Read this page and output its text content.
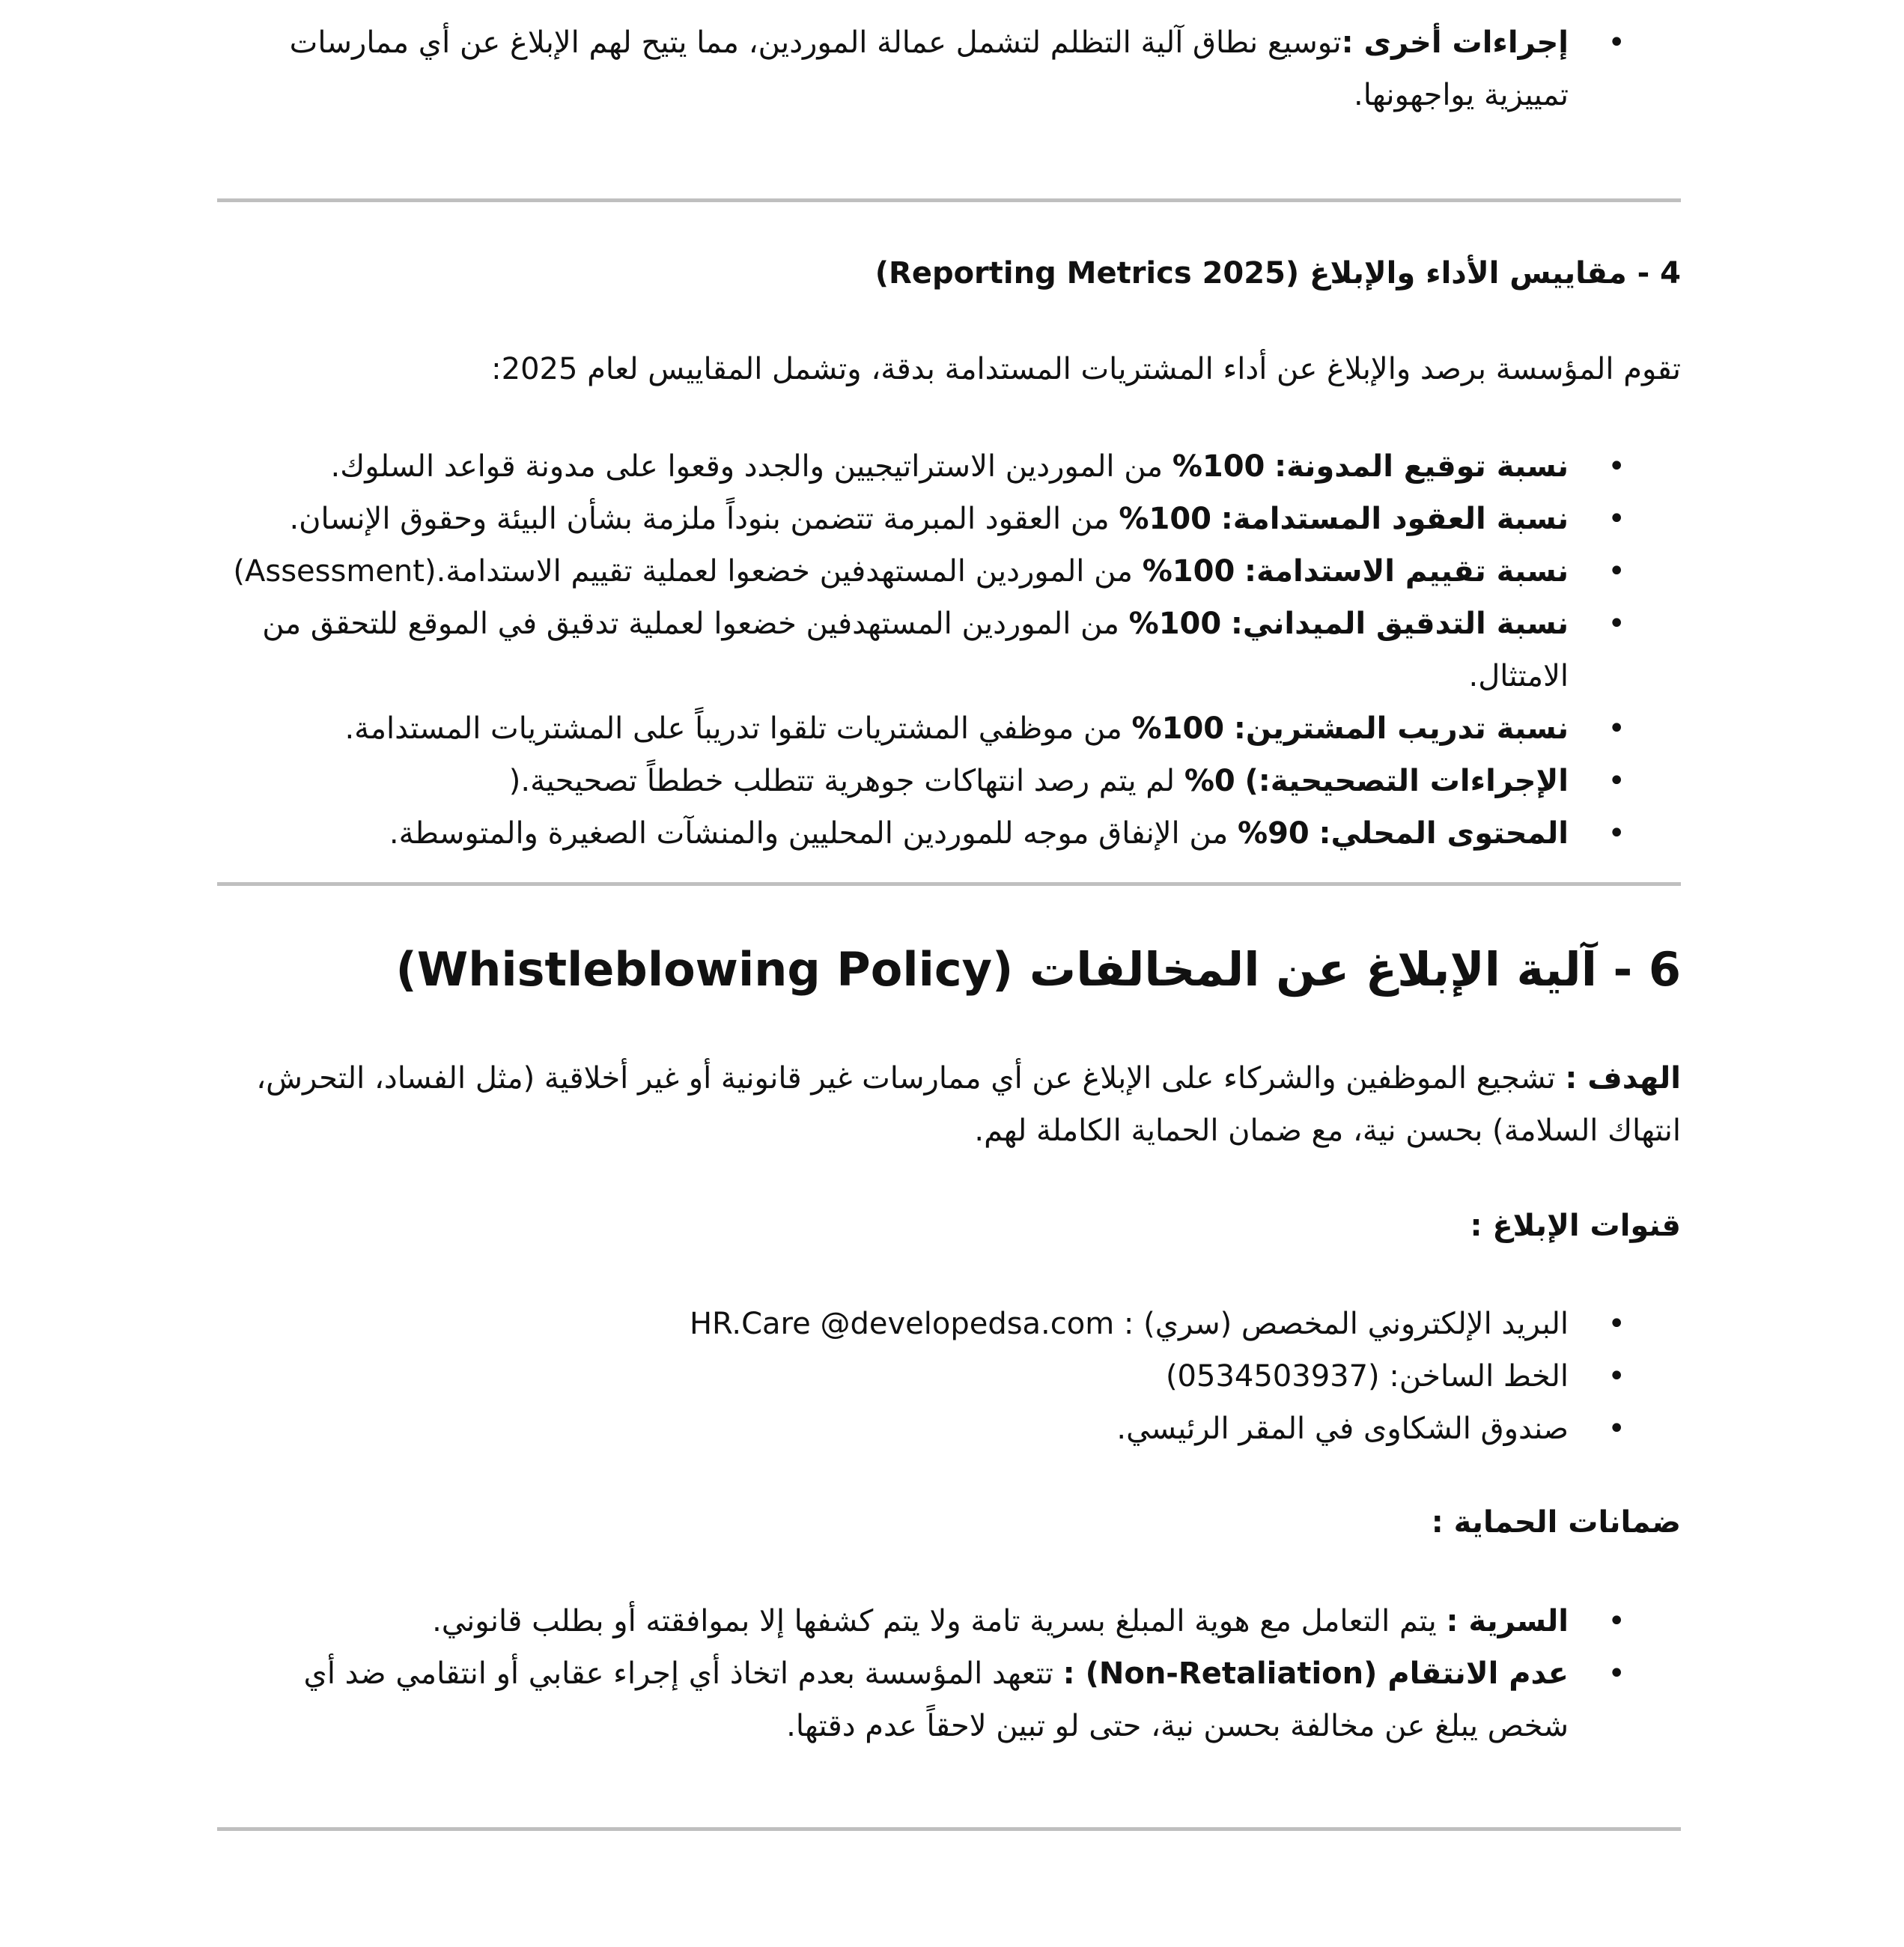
•
إجراءات أخرى :توسيع نطاق آلية التظلم لتشمل عمالة الموردين، مما يتيح لهم الإبلاغ عن أي ممارسات تمييزية يواجهونها.

4 - مقاييس الأداء والإبلاغ (Reporting Metrics 2025)

تقوم المؤسسة برصد والإبلاغ عن أداء المشتريات المستدامة بدقة، وتشمل المقاييس لعام 2025:

•
نسبة توقيع المدونة: 100% من الموردين الاستراتيجيين والجدد وقعوا على مدونة قواعد السلوك.
•
نسبة العقود المستدامة: 100% من العقود المبرمة تتضمن بنوداً ملزمة بشأن البيئة وحقوق الإنسان.
•
نسبة تقييم الاستدامة: 100% من الموردين المستهدفين خضعوا لعملية تقييم الاستدامة.(Assessment)
•
نسبة التدقيق الميداني: 100% من الموردين المستهدفين خضعوا لعملية تدقيق في الموقع للتحقق من الامتثال.
•
نسبة تدريب المشترين: 100% من موظفي المشتريات تلقوا تدريباً على المشتريات المستدامة.
•
الإجراءات التصحيحية:) 0% لم يتم رصد انتهاكات جوهرية تتطلب خططاً تصحيحية.(
•
المحتوى المحلي: 90% من الإنفاق موجه للموردين المحليين والمنشآت الصغيرة والمتوسطة.

6 - آلية الإبلاغ عن المخالفات (Whistleblowing Policy)

الهدف : تشجيع الموظفين والشركاء على الإبلاغ عن أي ممارسات غير قانونية أو غير أخلاقية (مثل الفساد، التحرش، انتهاك السلامة) بحسن نية، مع ضمان الحماية الكاملة لهم.

قنوات الإبلاغ :

•
البريد الإلكتروني المخصص (سري) : HR.Care @developedsa.com
•
الخط الساخن: (0534503937)
•
صندوق الشكاوى في المقر الرئيسي.

ضمانات الحماية :

•
السرية : يتم التعامل مع هوية المبلغ بسرية تامة ولا يتم كشفها إلا بموافقته أو بطلب قانوني.
•
عدم الانتقام (Non-Retaliation) : تتعهد المؤسسة بعدم اتخاذ أي إجراء عقابي أو انتقامي ضد أي شخص يبلغ عن مخالفة بحسن نية، حتى لو تبين لاحقاً عدم دقتها.
